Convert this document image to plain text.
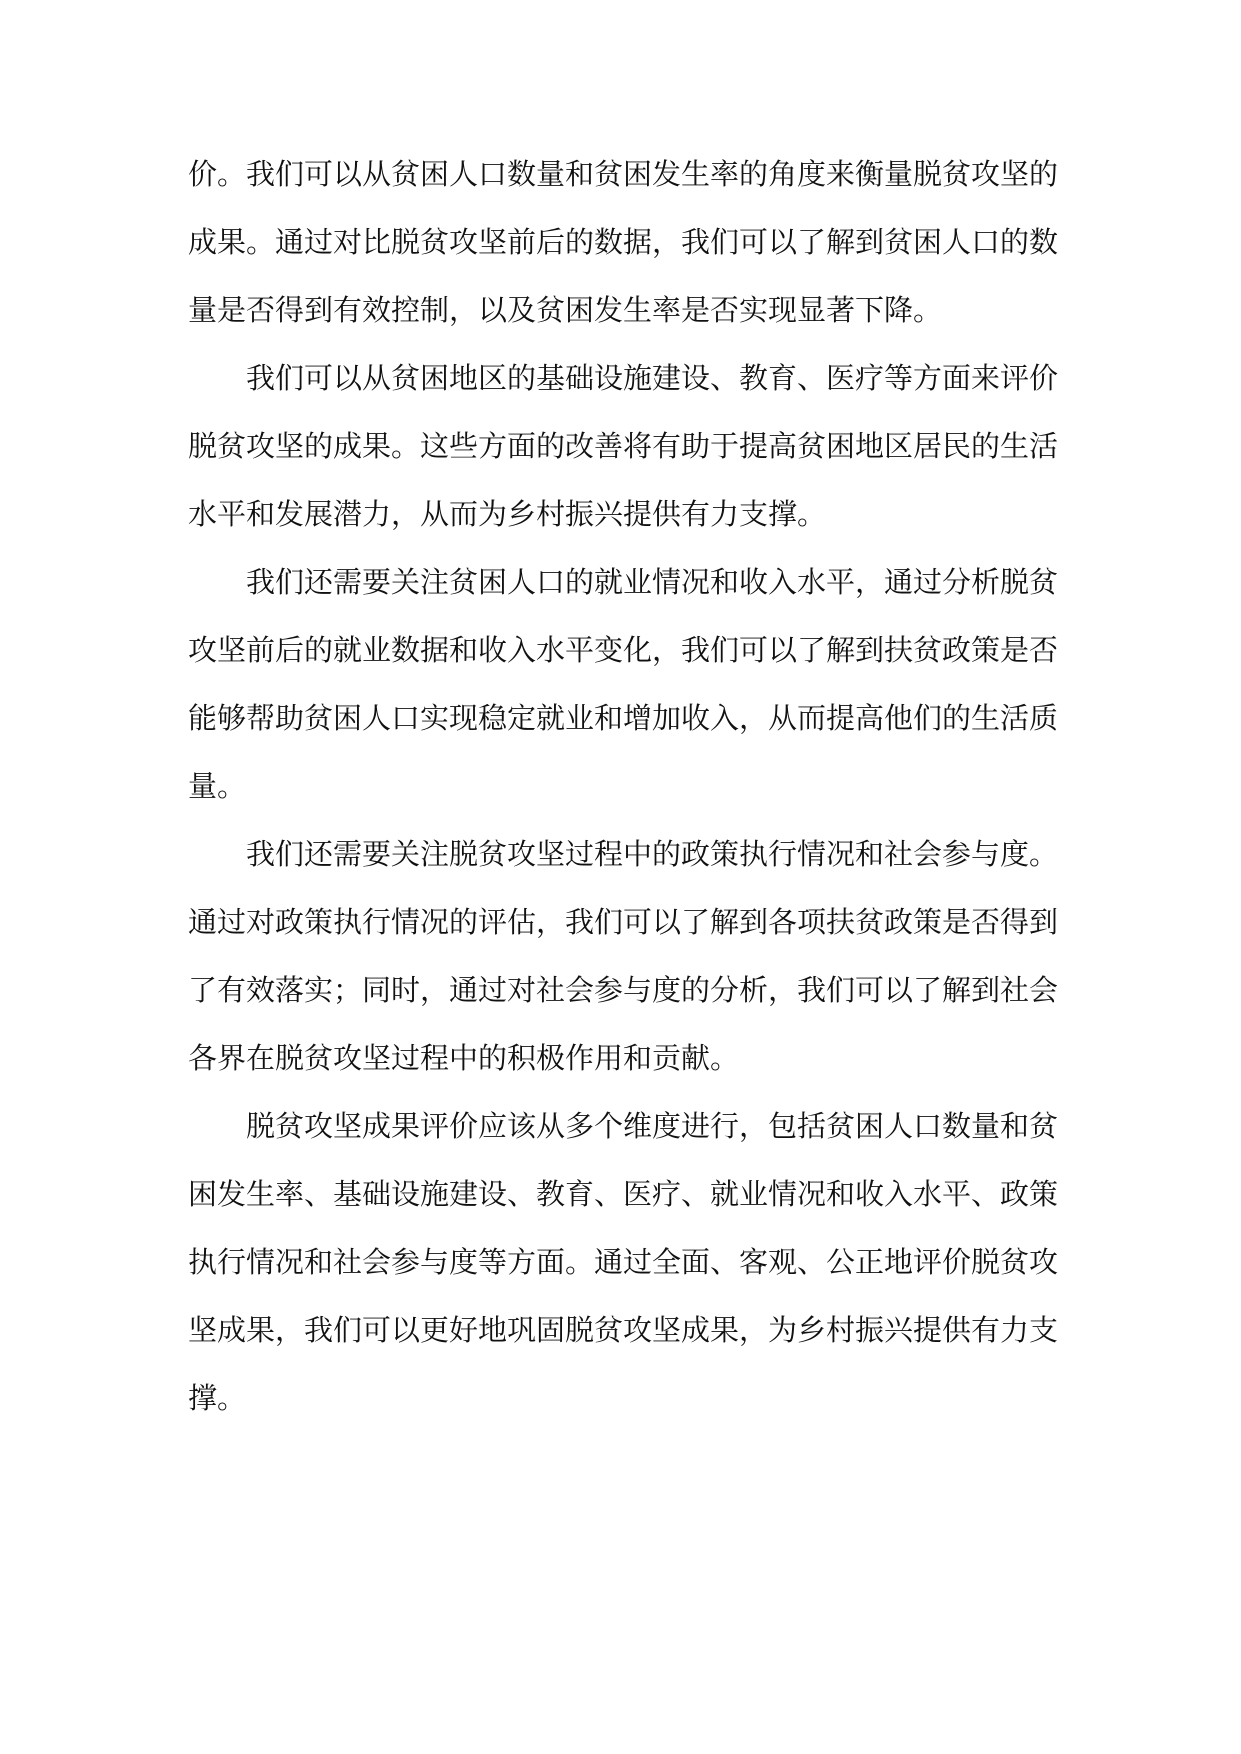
价。我们可以从贫困人口数量和贫困发生率的角度来衡量脱贫攻坚的
成果。通过对比脱贫攻坚前后的数据，我们可以了解到贫困人口的数
量是否得到有效控制，以及贫困发生率是否实现显著下降。
我们可以从贫困地区的基础设施建设、教育、医疗等方面来评价
脱贫攻坚的成果。这些方面的改善将有助于提高贫困地区居民的生活
水平和发展潜力，从而为乡村振兴提供有力支撑。
我们还需要关注贫困人口的就业情况和收入水平，通过分析脱贫
攻坚前后的就业数据和收入水平变化，我们可以了解到扶贫政策是否
能够帮助贫困人口实现稳定就业和增加收入，从而提高他们的生活质
量。
我们还需要关注脱贫攻坚过程中的政策执行情况和社会参与度。
通过对政策执行情况的评估，我们可以了解到各项扶贫政策是否得到
了有效落实；同时，通过对社会参与度的分析，我们可以了解到社会
各界在脱贫攻坚过程中的积极作用和贡献。
脱贫攻坚成果评价应该从多个维度进行，包括贫困人口数量和贫
困发生率、基础设施建设、教育、医疗、就业情况和收入水平、政策
执行情况和社会参与度等方面。通过全面、客观、公正地评价脱贫攻
坚成果，我们可以更好地巩固脱贫攻坚成果，为乡村振兴提供有力支
撑。
